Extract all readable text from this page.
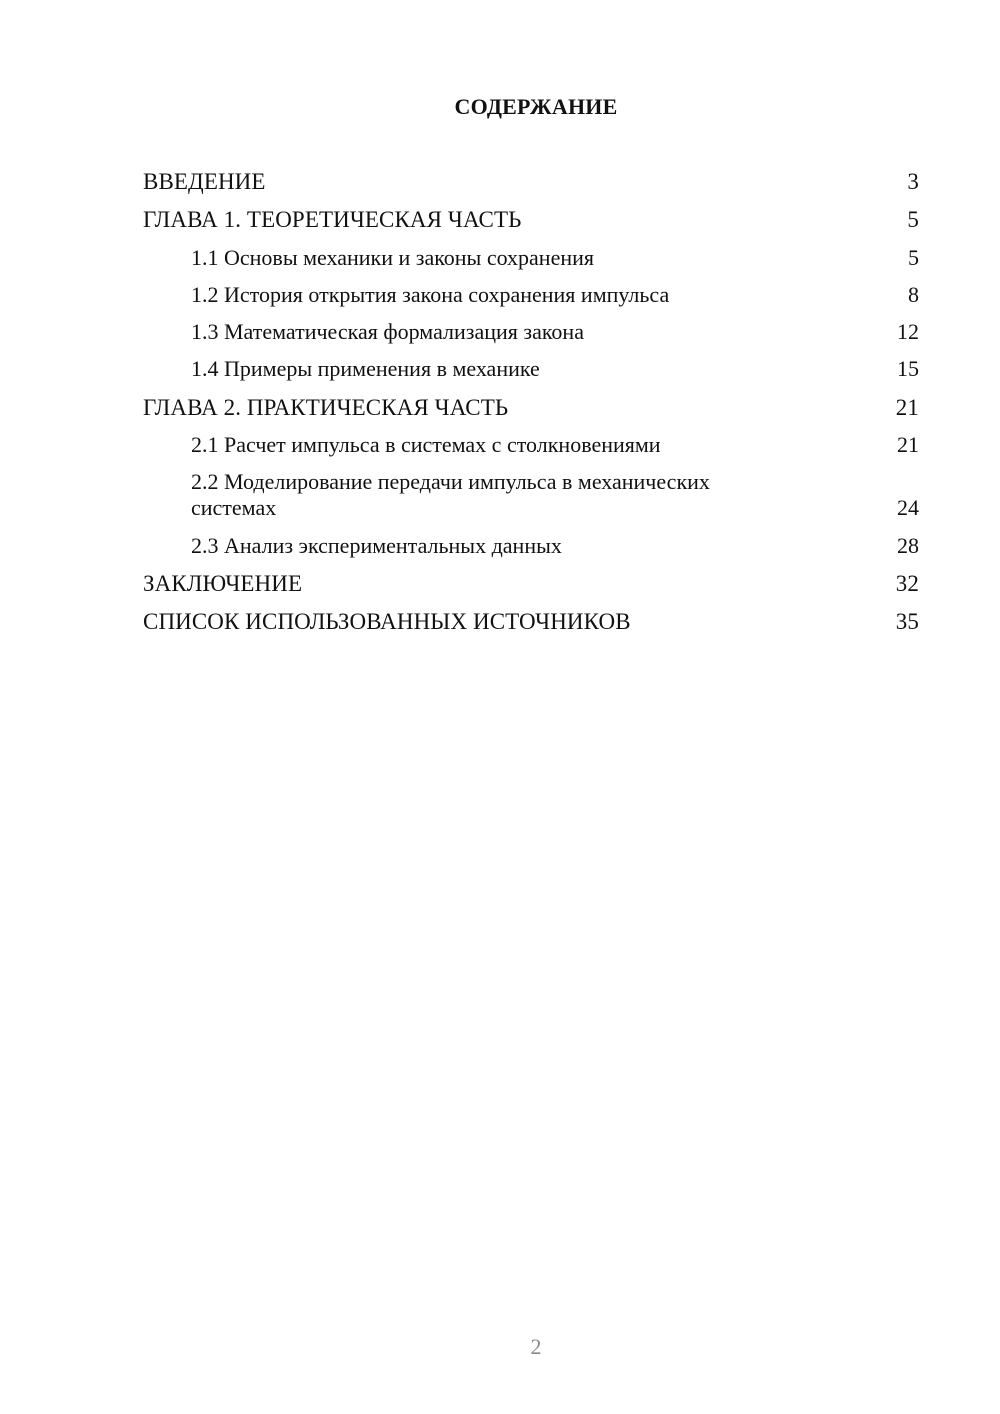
СОДЕРЖАНИЕ
ВВЕДЕНИЕ	3
ГЛАВА 1. ТЕОРЕТИЧЕСКАЯ ЧАСТЬ	5
1.1 Основы механики и законы сохранения	5
1.2 История открытия закона сохранения импульса	8
1.3 Математическая формализация закона	12
1.4 Примеры применения в механике	15
ГЛАВА 2. ПРАКТИЧЕСКАЯ ЧАСТЬ	21
2.1 Расчет импульса в системах с столкновениями	21
2.2 Моделирование передачи импульса в механических системах	24
2.3 Анализ экспериментальных данных	28
ЗАКЛЮЧЕНИЕ	32
СПИСОК ИСПОЛЬЗОВАННЫХ ИСТОЧНИКОВ	35
2
